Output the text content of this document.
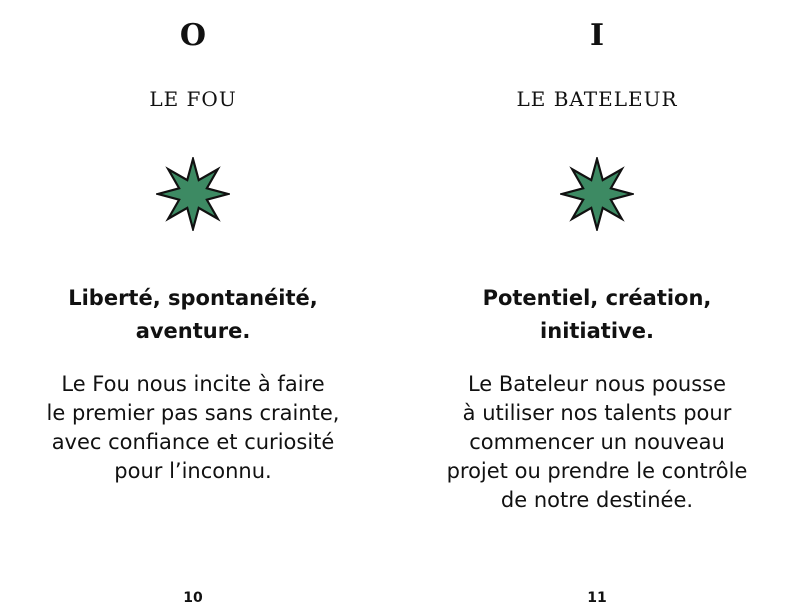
O
LE FOU
Liberté, spontanéité,
aventure.
Le Fou nous incite à faire
le premier pas sans crainte,
avec confiance et curiosité
pour l’inconnu.
10
I
LE BATELEUR
Potentiel, création,
initiative.
Le Bateleur nous pousse
à utiliser nos talents pour
commencer un nouveau
projet ou prendre le contrôle
de notre destinée.
11
